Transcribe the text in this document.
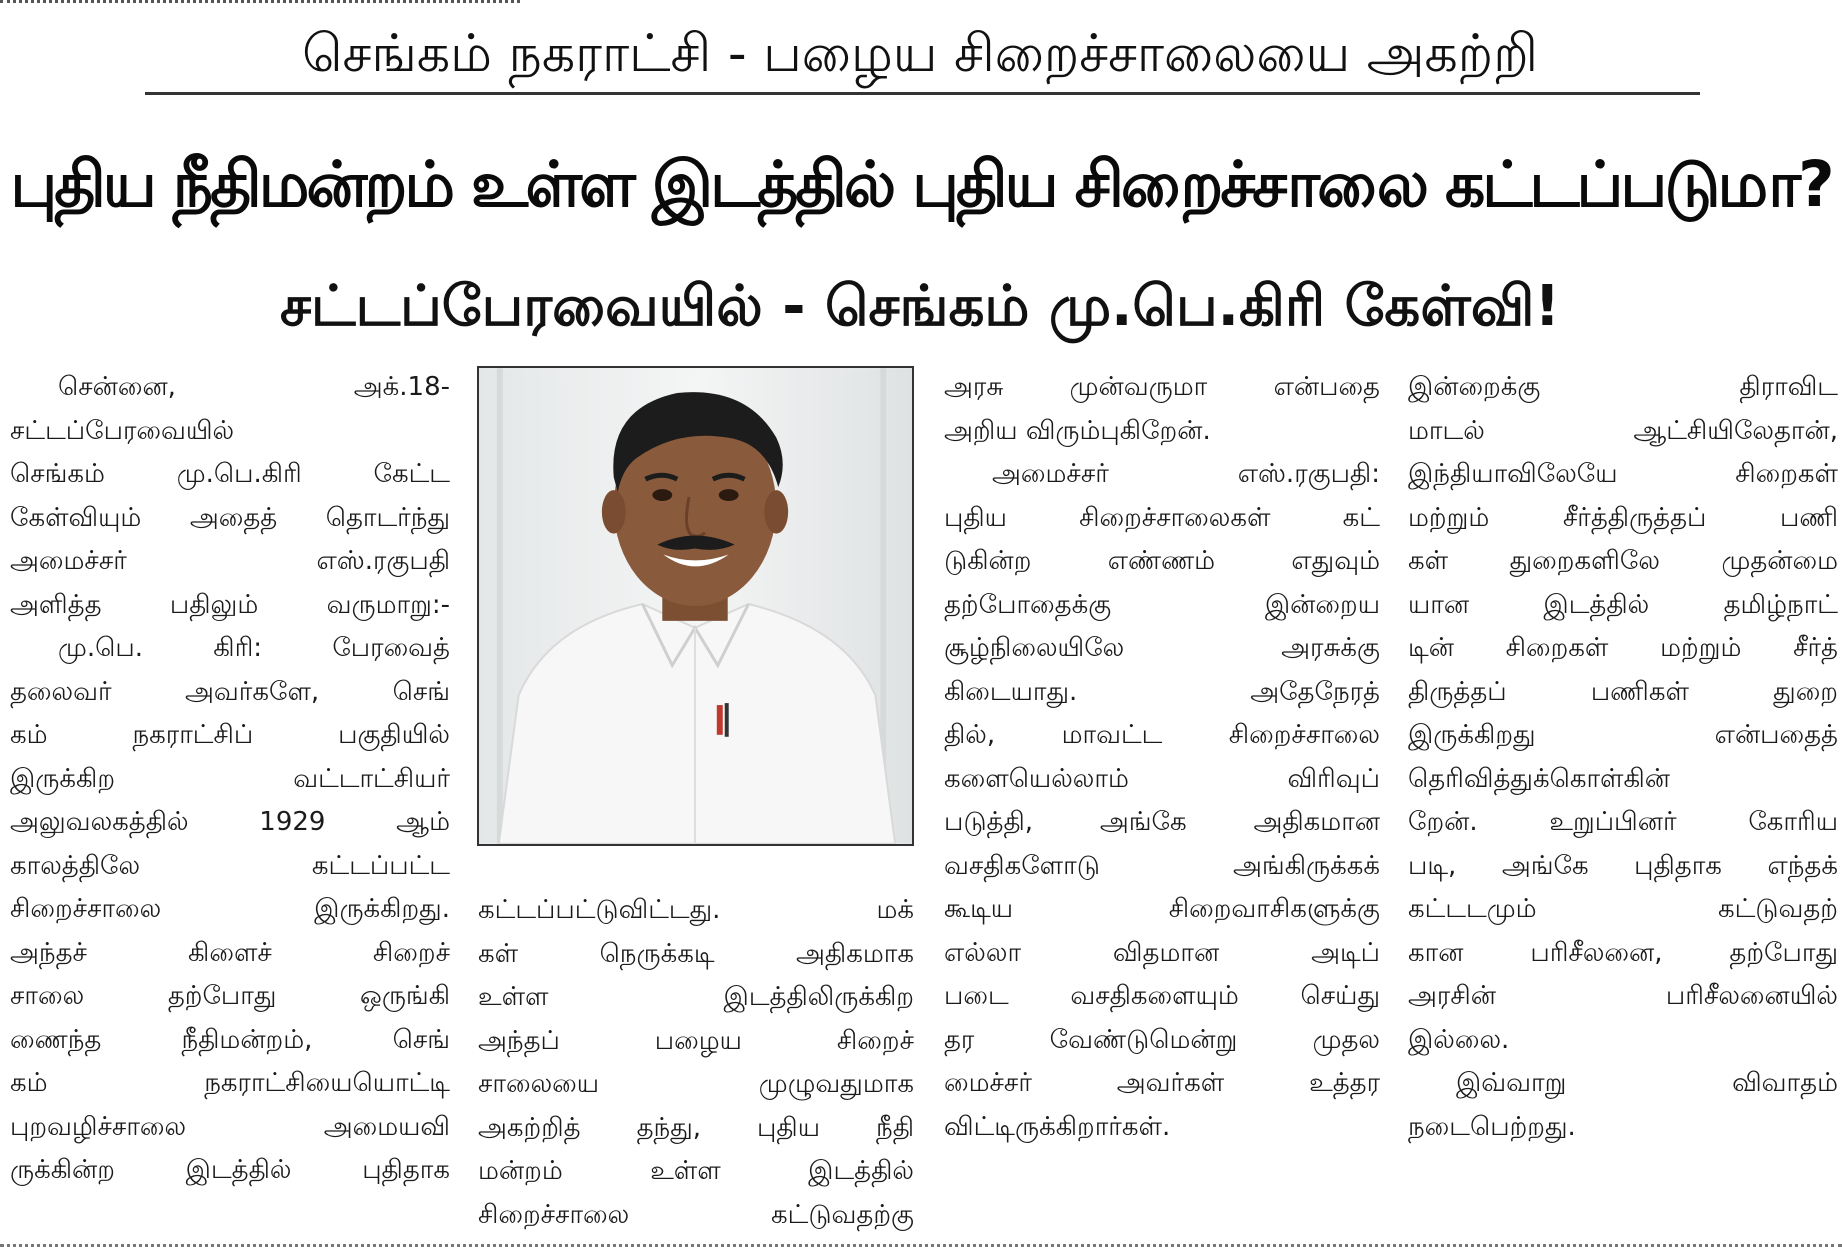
செங்கம் நகராட்சி - பழைய சிறைச்சாலையை அகற்றி
புதிய நீதிமன்றம் உள்ள இடத்தில் புதிய சிறைச்சாலை கட்டப்படுமா?
சட்டப்பேரவையில் - செங்கம் மு.பெ.கிரி கேள்வி!
சென்னை, அக்.18-
சட்டப்பேரவையில்
செங்கம் மு.பெ.கிரி கேட்ட
கேள்வியும் அதைத் தொடர்ந்து
அமைச்சர் எஸ்.ரகுபதி
அளித்த பதிலும் வருமாறு:-
மு.பெ. கிரி: பேரவைத்
தலைவர் அவர்களே, செங்
கம் நகராட்சிப் பகுதியில்
இருக்கிற வட்டாட்சியர்
அலுவலகத்தில் 1929 ஆம்
காலத்திலே கட்டப்பட்ட
சிறைச்சாலை இருக்கிறது.
அந்தச் கிளைச் சிறைச்
சாலை தற்போது ஒருங்கி
ணைந்த நீதிமன்றம், செங்
கம் நகராட்சியையொட்டி
புறவழிச்சாலை அமையவி
ருக்கின்ற இடத்தில் புதிதாக
கட்டப்பட்டுவிட்டது. மக்
கள் நெருக்கடி அதிகமாக
உள்ள இடத்திலிருக்கிற
அந்தப் பழைய சிறைச்
சாலையை முழுவதுமாக
அகற்றித் தந்து, புதிய நீதி
மன்றம் உள்ள இடத்தில்
சிறைச்சாலை கட்டுவதற்கு
அரசு முன்வருமா என்பதை
அறிய விரும்புகிறேன்.
அமைச்சர் எஸ்.ரகுபதி:
புதிய சிறைச்சாலைகள் கட்
டுகின்ற எண்ணம் எதுவும்
தற்போதைக்கு இன்றைய
சூழ்நிலையிலே அரசுக்கு
கிடையாது. அதேநேரத்
தில், மாவட்ட சிறைச்சாலை
களையெல்லாம் விரிவுப்
படுத்தி, அங்கே அதிகமான
வசதிகளோடு அங்கிருக்கக்
கூடிய சிறைவாசிகளுக்கு
எல்லா விதமான அடிப்
படை வசதிகளையும் செய்து
தர வேண்டுமென்று முதல
மைச்சர் அவர்கள் உத்தர
விட்டிருக்கிறார்கள்.
இன்றைக்கு திராவிட
மாடல் ஆட்சியிலேதான்,
இந்தியாவிலேயே சிறைகள்
மற்றும் சீர்த்திருத்தப் பணி
கள் துறைகளிலே முதன்மை
யான இடத்தில் தமிழ்நாட்
டின் சிறைகள் மற்றும் சீர்த்
திருத்தப் பணிகள் துறை
இருக்கிறது என்பதைத்
தெரிவித்துக்கொள்கின்
றேன். உறுப்பினர் கோரிய
படி, அங்கே புதிதாக எந்தக்
கட்டடமும் கட்டுவதற்
கான பரிசீலனை, தற்போது
அரசின் பரிசீலனையில்
இல்லை.
இவ்வாறு விவாதம்
நடைபெற்றது.
